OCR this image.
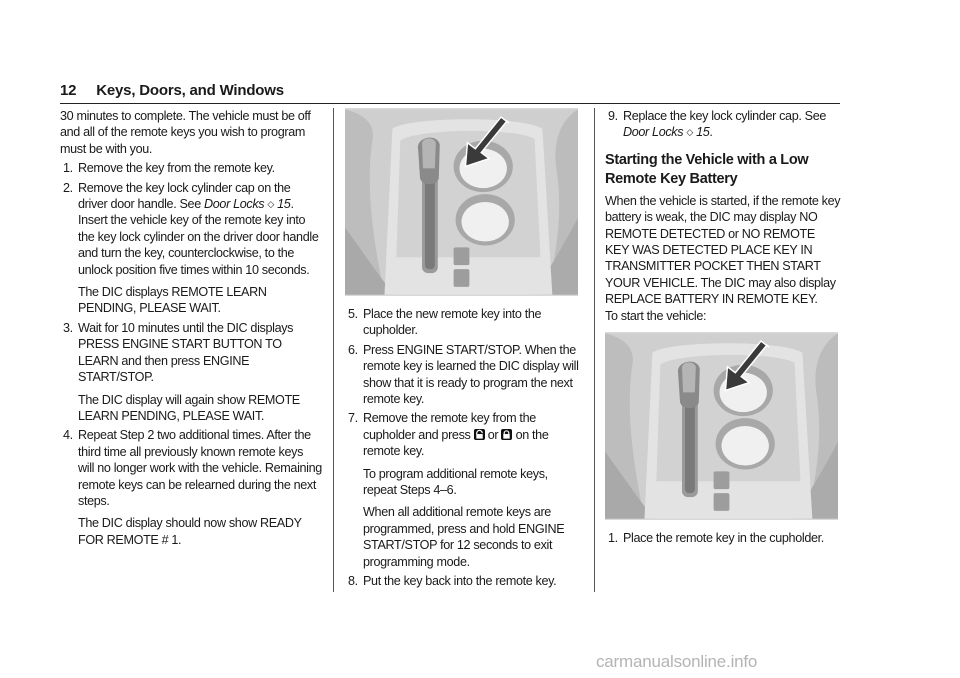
12 Keys, Doors, and Windows

30 minutes to complete. The vehicle must be off and all of the remote keys you wish to program must be with you.

1. Remove the key from the remote key.

2. Remove the key lock cylinder cap on the driver door handle. See Door Locks ◇ 15. Insert the vehicle key of the remote key into the key lock cylinder on the driver door handle and turn the key, counterclockwise, to the unlock position five times within 10 seconds.

The DIC displays REMOTE LEARN PENDING, PLEASE WAIT.

3. Wait for 10 minutes until the DIC displays PRESS ENGINE START BUTTON TO LEARN and then press ENGINE START/STOP.

The DIC display will again show REMOTE LEARN PENDING, PLEASE WAIT.

4. Repeat Step 2 two additional times. After the third time all previously known remote keys will no longer work with the vehicle. Remaining remote keys can be relearned during the next steps.

The DIC display should now show READY FOR REMOTE # 1.

5. Place the new remote key into the cupholder.

6. Press ENGINE START/STOP. When the remote key is learned the DIC display will show that it is ready to program the next remote key.

7. Remove the remote key from the cupholder and press  or  on the remote key.

To program additional remote keys, repeat Steps 4–6.

When all additional remote keys are programmed, press and hold ENGINE START/STOP for 12 seconds to exit programming mode.

8. Put the key back into the remote key.

9. Replace the key lock cylinder cap. See
Door Locks ◇ 15.

Starting the Vehicle with a Low Remote Key Battery

When the vehicle is started, if the remote key battery is weak, the DIC may display NO REMOTE DETECTED or NO REMOTE KEY WAS DETECTED PLACE KEY IN TRANSMITTER POCKET THEN START YOUR VEHICLE. The DIC may also display REPLACE BATTERY IN REMOTE KEY.

To start the vehicle:

1. Place the remote key in the cupholder.

carmanualsonline.info
